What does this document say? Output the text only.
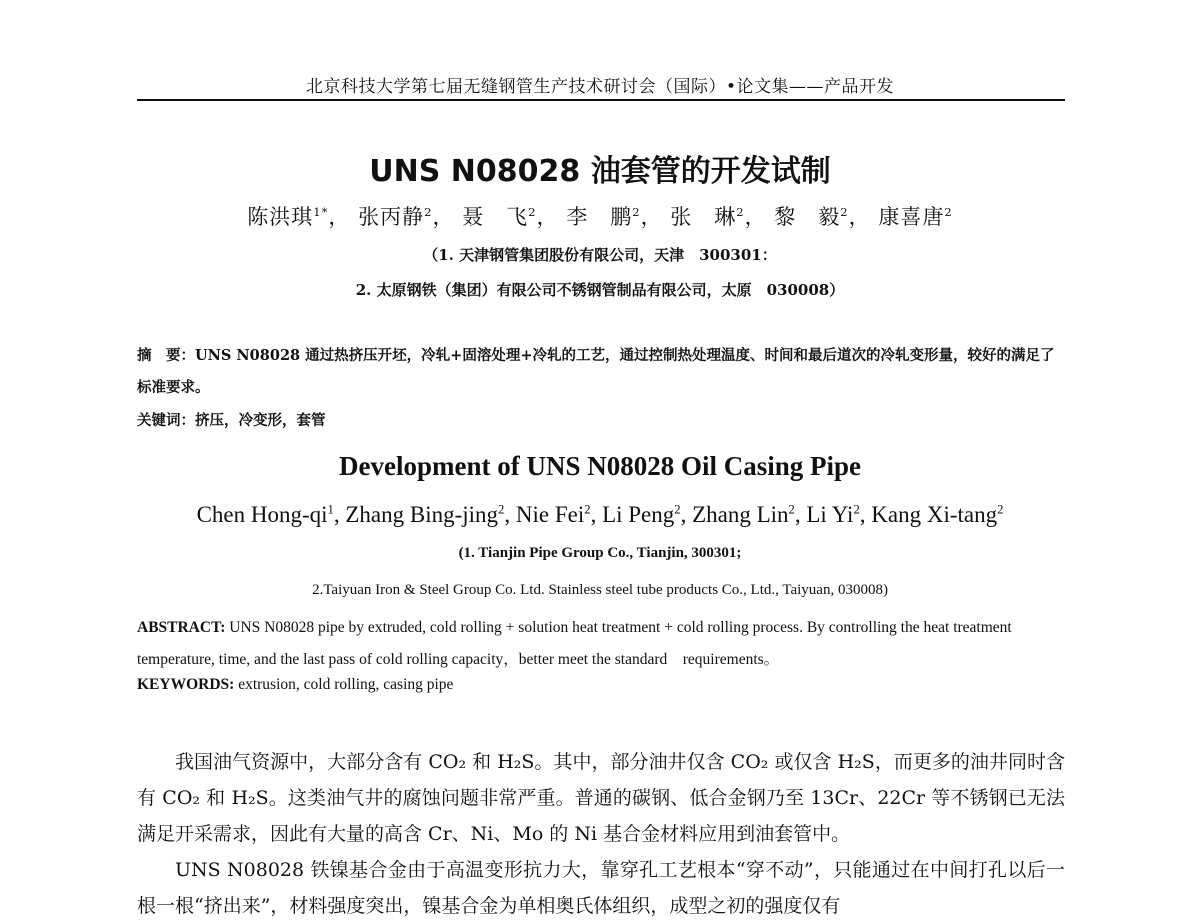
北京科技大学第七届无缝钢管生产技术研讨会（国际）•论文集——产品开发
UNS N08028 油套管的开发试制
陈洪琪$^{1*}$， 张丙静$^2$， 聂　飞$^2$， 李　鹏$^2$， 张　琳$^2$， 黎　毅$^2$， 康喜唐$^2$
（1. 天津钢管集团股份有限公司，天津　300301：
2. 太原钢铁（集团）有限公司不锈钢管制品有限公司，太原　030008）
摘　要：UNS N08028 通过热挤压开坯，冷轧+固溶处理+冷轧的工艺，通过控制热处理温度、时间和最后道次的冷轧变形量，较好的满足了标准要求。
关键词：挤压，冷变形，套管
Development of UNS N08028 Oil Casing Pipe
Chen Hong-$qi^1$, Zhang Bing-jing$^2$, Nie Fei$^2$, Li Peng$^2$, Zhang Lin$^2$, Li Yi$^2$, Kang Xi-tang$^2$
(1. Tianjin Pipe Group Co., Tianjin, 300301;
2.Taiyuan Iron & Steel Group Co. Ltd. Stainless steel tube products Co., Ltd., Taiyuan, 030008)
ABSTRACT: UNS N08028 pipe by extruded, cold rolling + solution heat treatment + cold rolling process. By controlling the heat treatment temperature, time, and the last pass of cold rolling capacity，better meet the standard　requirements。
KEYWORDS: extrusion, cold rolling, casing pipe

我国油气资源中，大部分含有 CO₂ 和 H₂S。其中，部分油井仅含 CO₂ 或仅含 H₂S，而更多的油井同时含有 CO₂ 和 H₂S。这类油气井的腐蚀问题非常严重。普通的碳钢、低合金钢乃至 13Cr、22Cr 等不锈钢已无法满足开采需求，因此有大量的高含 Cr、Ni、Mo 的 Ni 基合金材料应用到油套管中。

UNS N08028 铁镍基合金由于高温变形抗力大，靠穿孔工艺根本“穿不动”，只能通过在中间打孔以后一根一根“挤出来”，材料强度突出，镍基合金为单相奥氏体组织，成型之初的强度仅有
